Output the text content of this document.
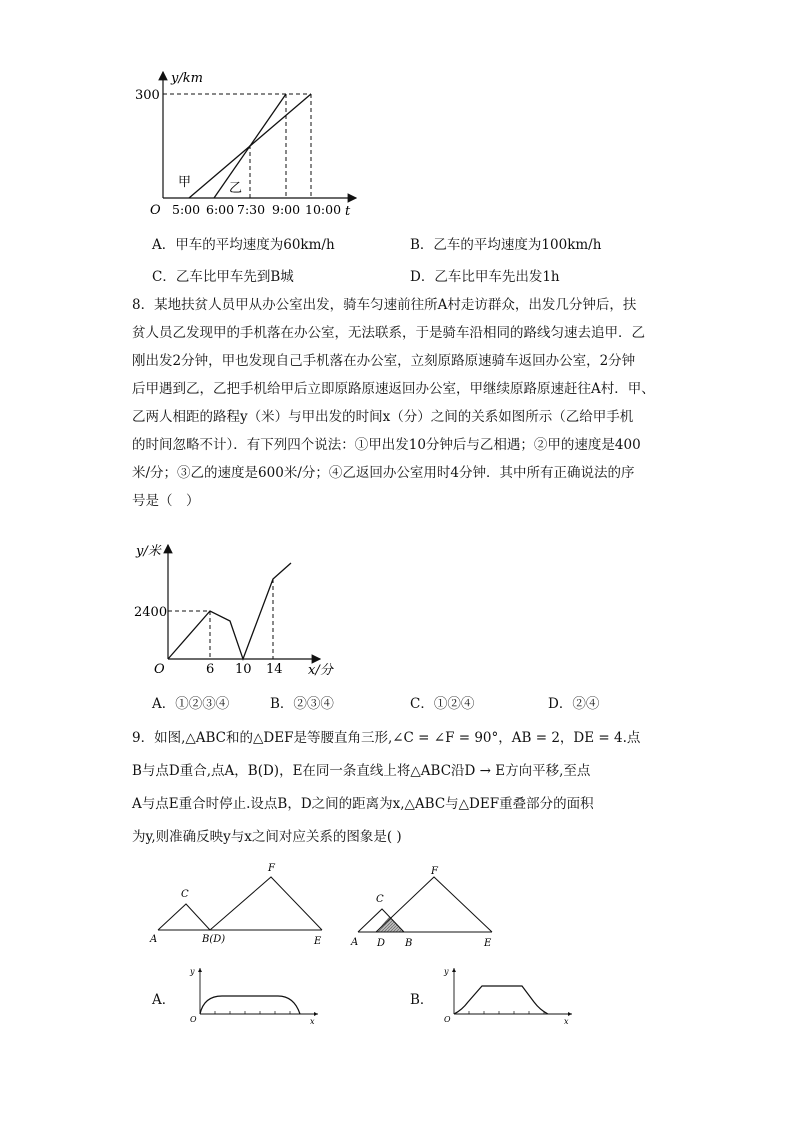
y/km
300
O 5:00 6:00 7:30 9:00 10:00 t
甲	乙
A．甲车的平均速度为60km/h	B．乙车的平均速度为100km/h
C．乙车比甲车先到B城	D．乙车比甲车先出发1h
8．某地扶贫人员甲从办公室出发，骑车匀速前往所A村走访群众，出发几分钟后，扶
贫人员乙发现甲的手机落在办公室，无法联系，于是骑车沿相同的路线匀速去追甲．乙
刚出发2分钟，甲也发现自己手机落在办公室，立刻原路原速骑车返回办公室，2分钟
后甲遇到乙，乙把手机给甲后立即原路原速返回办公室，甲继续原路原速赶往A村．甲、
乙两人相距的路程y（米）与甲出发的时间x（分）之间的关系如图所示（乙给甲手机
的时间忽略不计）．有下列四个说法：①甲出发10分钟后与乙相遇；②甲的速度是400
米/分；③乙的速度是600米/分；④乙返回办公室用时4分钟．其中所有正确说法的序
号是（　）
y/米
2400
O	6 10 14 x/分
A．①②③④	B．②③④	C．①②④	D．②④
9．如图,△ABC和的△DEF是等腰直角三形,∠C = ∠F = 90°，AB = 2，DE = 4.点
B与点D重合,点A，B(D)，E在同一条直线上将△ABC沿D → E方向平移,至点
A与点E重合时停止.设点B，D之间的距离为x,△ABC与△DEF重叠部分的面积
为y,则准确反映y与x之间对应关系的图象是( )
A
C
B(D)
F
E	A
C
D B
F
E
A．
y
O	x
B．
y
O	x
